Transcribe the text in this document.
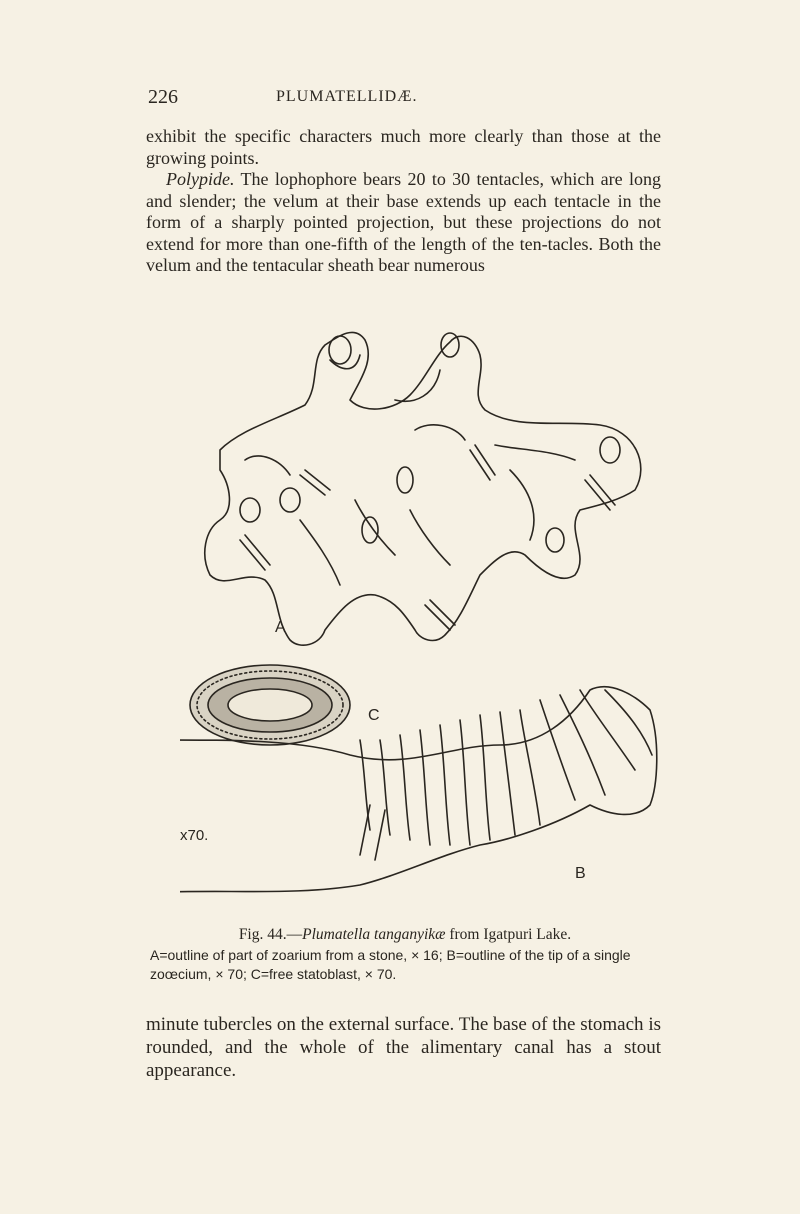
226	PLUMATELLIDÆ.

exhibit the specific characters much more clearly than those at the growing points.

Polypide. The lophophore bears 20 to 30 tentacles, which are long and slender; the velum at their base extends up each tentacle in the form of a sharply pointed projection, but these projections do not extend for more than one-fifth of the length of the ten-tacles. Both the velum and the tentacular sheath bear numerous

A
C
B
x70.
Fig. 44.—Plumatella tanganyikæ from Igatpuri Lake.
A=outline of part of zoarium from a stone, × 16; B=outline of the tip of a single zoœcium, × 70; C=free statoblast, × 70.

minute tubercles on the external surface. The base of the stomach is rounded, and the whole of the alimentary canal has a stout appearance.
